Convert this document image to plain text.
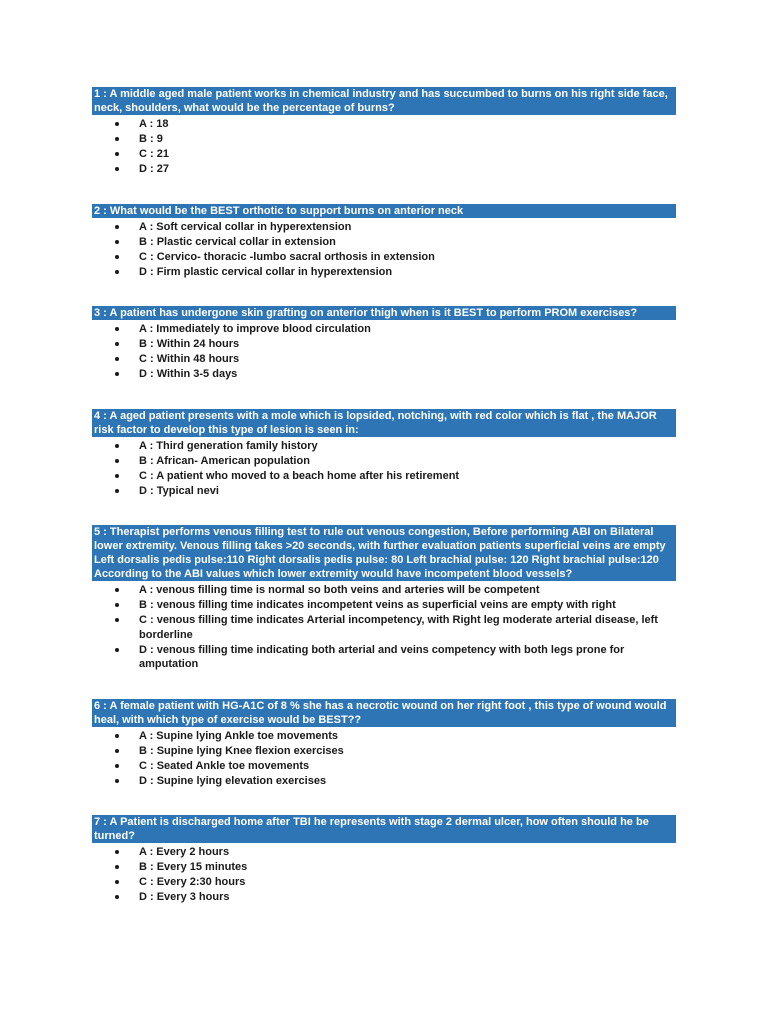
1 : A middle aged male patient works in chemical industry and has succumbed to burns on his right side face, neck, shoulders, what would be the percentage of burns?

A : 18
B : 9
C : 21
D : 27

2 : What would be the BEST orthotic to support burns on anterior neck

A : Soft cervical collar in hyperextension
B : Plastic cervical collar in extension
C : Cervico- thoracic -lumbo sacral orthosis in extension
D : Firm plastic cervical collar in hyperextension

3 : A patient has undergone skin grafting on anterior thigh when is it BEST to perform PROM exercises?

A : Immediately to improve blood circulation
B : Within 24 hours
C : Within 48 hours
D : Within 3-5 days

4 : A aged patient presents with a mole which is lopsided, notching, with red color which is flat , the MAJOR risk factor to develop this type of lesion is seen in:

A : Third generation family history
B : African- American population
C : A patient who moved to a beach home after his retirement
D : Typical nevi

5 : Therapist performs venous filling test to rule out venous congestion, Before performing ABI on Bilateral lower extremity. Venous filling takes >20 seconds, with further evaluation patients superficial veins are empty Left dorsalis pedis pulse:110 Right dorsalis pedis pulse: 80 Left brachial pulse: 120 Right brachial pulse:120 According to the ABI values which lower extremity would have incompetent blood vessels?

A : venous filling time is normal so both veins and arteries will be competent
B : venous filling time indicates incompetent veins as superficial veins are empty with right
C : venous filling time indicates Arterial incompetency, with Right leg moderate arterial disease, left borderline
D : venous filling time indicating both arterial and veins competency with both legs prone for amputation

6 : A female patient with HG-A1C of 8 % she has a necrotic wound on her right foot , this type of wound would heal, with which type of exercise would be BEST??

A : Supine lying Ankle toe movements
B : Supine lying Knee flexion exercises
C : Seated Ankle toe movements
D : Supine lying elevation exercises

7 : A Patient is discharged home after TBI he represents with stage 2 dermal ulcer, how often should he be turned?

A : Every 2 hours
B : Every 15 minutes
C : Every 2:30 hours
D : Every 3 hours
